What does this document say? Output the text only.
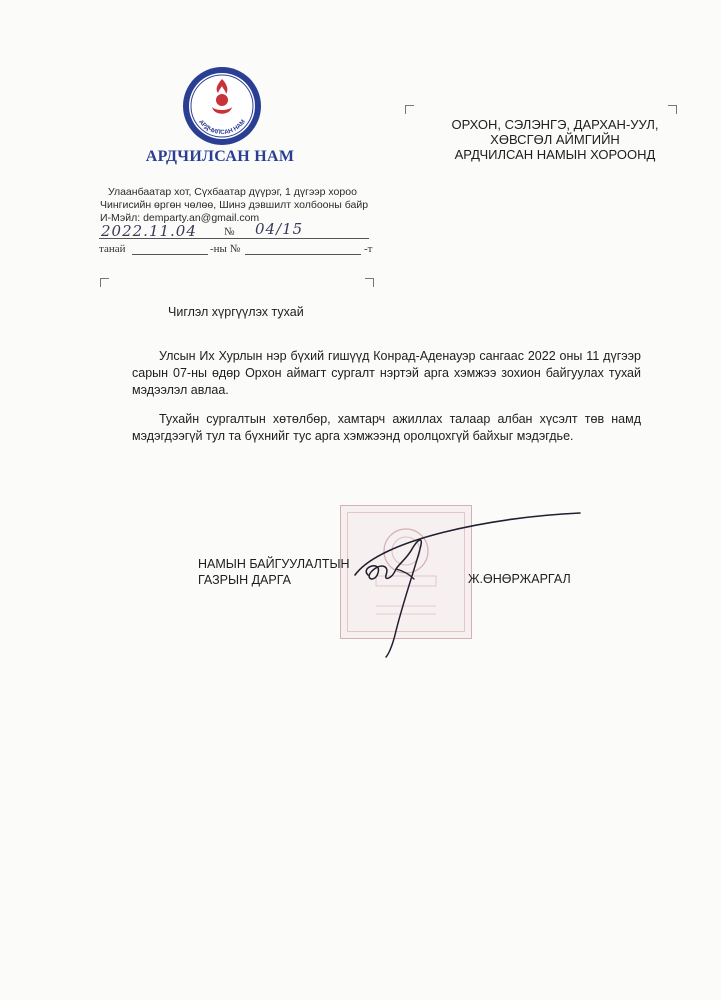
АРДЧИЛСАН НАМ
АРДЧИЛСАН НАМ
Улаанбаатар хот, Сүхбаатар дүүрэг, 1 дүгээр хороо
Чингисийн өргөн чөлөө, Шинэ дэвшилт холбооны байр
И-Мэйл: demparty.an@gmail.com
2022.11.04 № 04/15
танай	-ны №	-т
ОРХОН, СЭЛЭНГЭ, ДАРХАН-УУЛ,
ХӨВСГӨЛ АЙМГИЙН
АРДЧИЛСАН НАМЫН ХОРООНД
Чиглэл хүргүүлэх тухай

Улсын Их Хурлын нэр бүхий гишүүд Конрад-Аденауэр сангаас 2022 оны 11 дүгээр сарын 07-ны өдөр Орхон аймагт сургалт нэртэй арга хэмжээ зохион байгуулах тухай мэдээлэл авлаа.

Тухайн сургалтын хөтөлбөр, хамтарч ажиллах талаар албан хүсэлт төв намд мэдэгдээгүй тул та бүхнийг тус арга хэмжээнд оролцохгүй байхыг мэдэгдье.

НАМЫН БАЙГУУЛАЛТЫН
ГАЗРЫН ДАРГА	Ж.ӨНӨРЖАРГАЛ
